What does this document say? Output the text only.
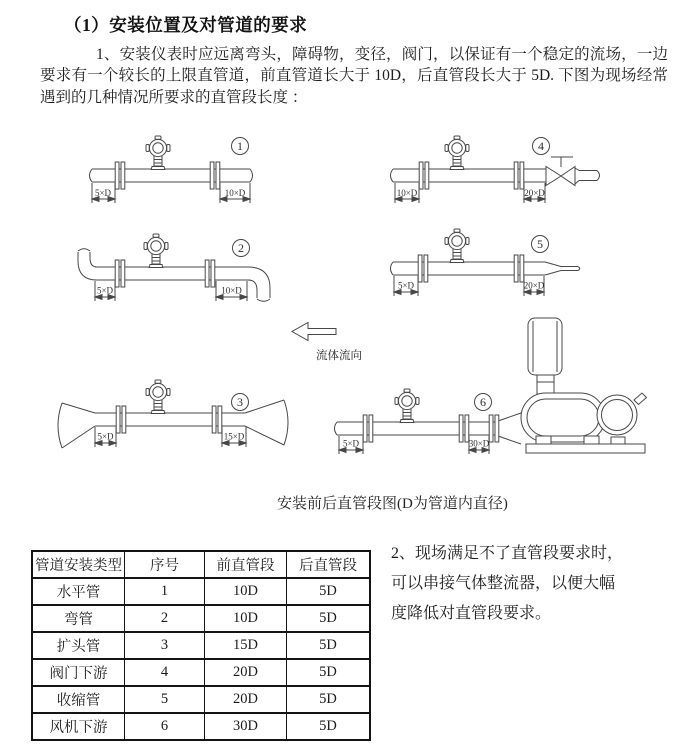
（1）安装位置及对管道的要求
1、安装仪表时应远离弯头，障碍物，变径，阀门，以保证有一个稳定的流场，一边要求有一个较长的上限直管道，前直管道长大于 10D，后直管段长大于 5D. 下图为现场经常遇到的几种情况所要求的直管段长度 ：
5×D	10×D
1
5×D	10×D
2
5×D	15×D
3
10×D	20×D
4
5×D	20×D
5
5×D	30×D
6
流体流向
安装前后直管段图(D为管道内直径)
管道安装类型	序号	前直管段	后直管段
水平管	1	10D	5D
弯管	2	10D	5D
扩头管	3	15D	5D
阀门下游	4	20D	5D
收缩管	5	20D	5D
风机下游	6	30D	5D
2、现场满足不了直管段要求时，
可以串接气体整流器，以便大幅
度降低对直管段要求。
